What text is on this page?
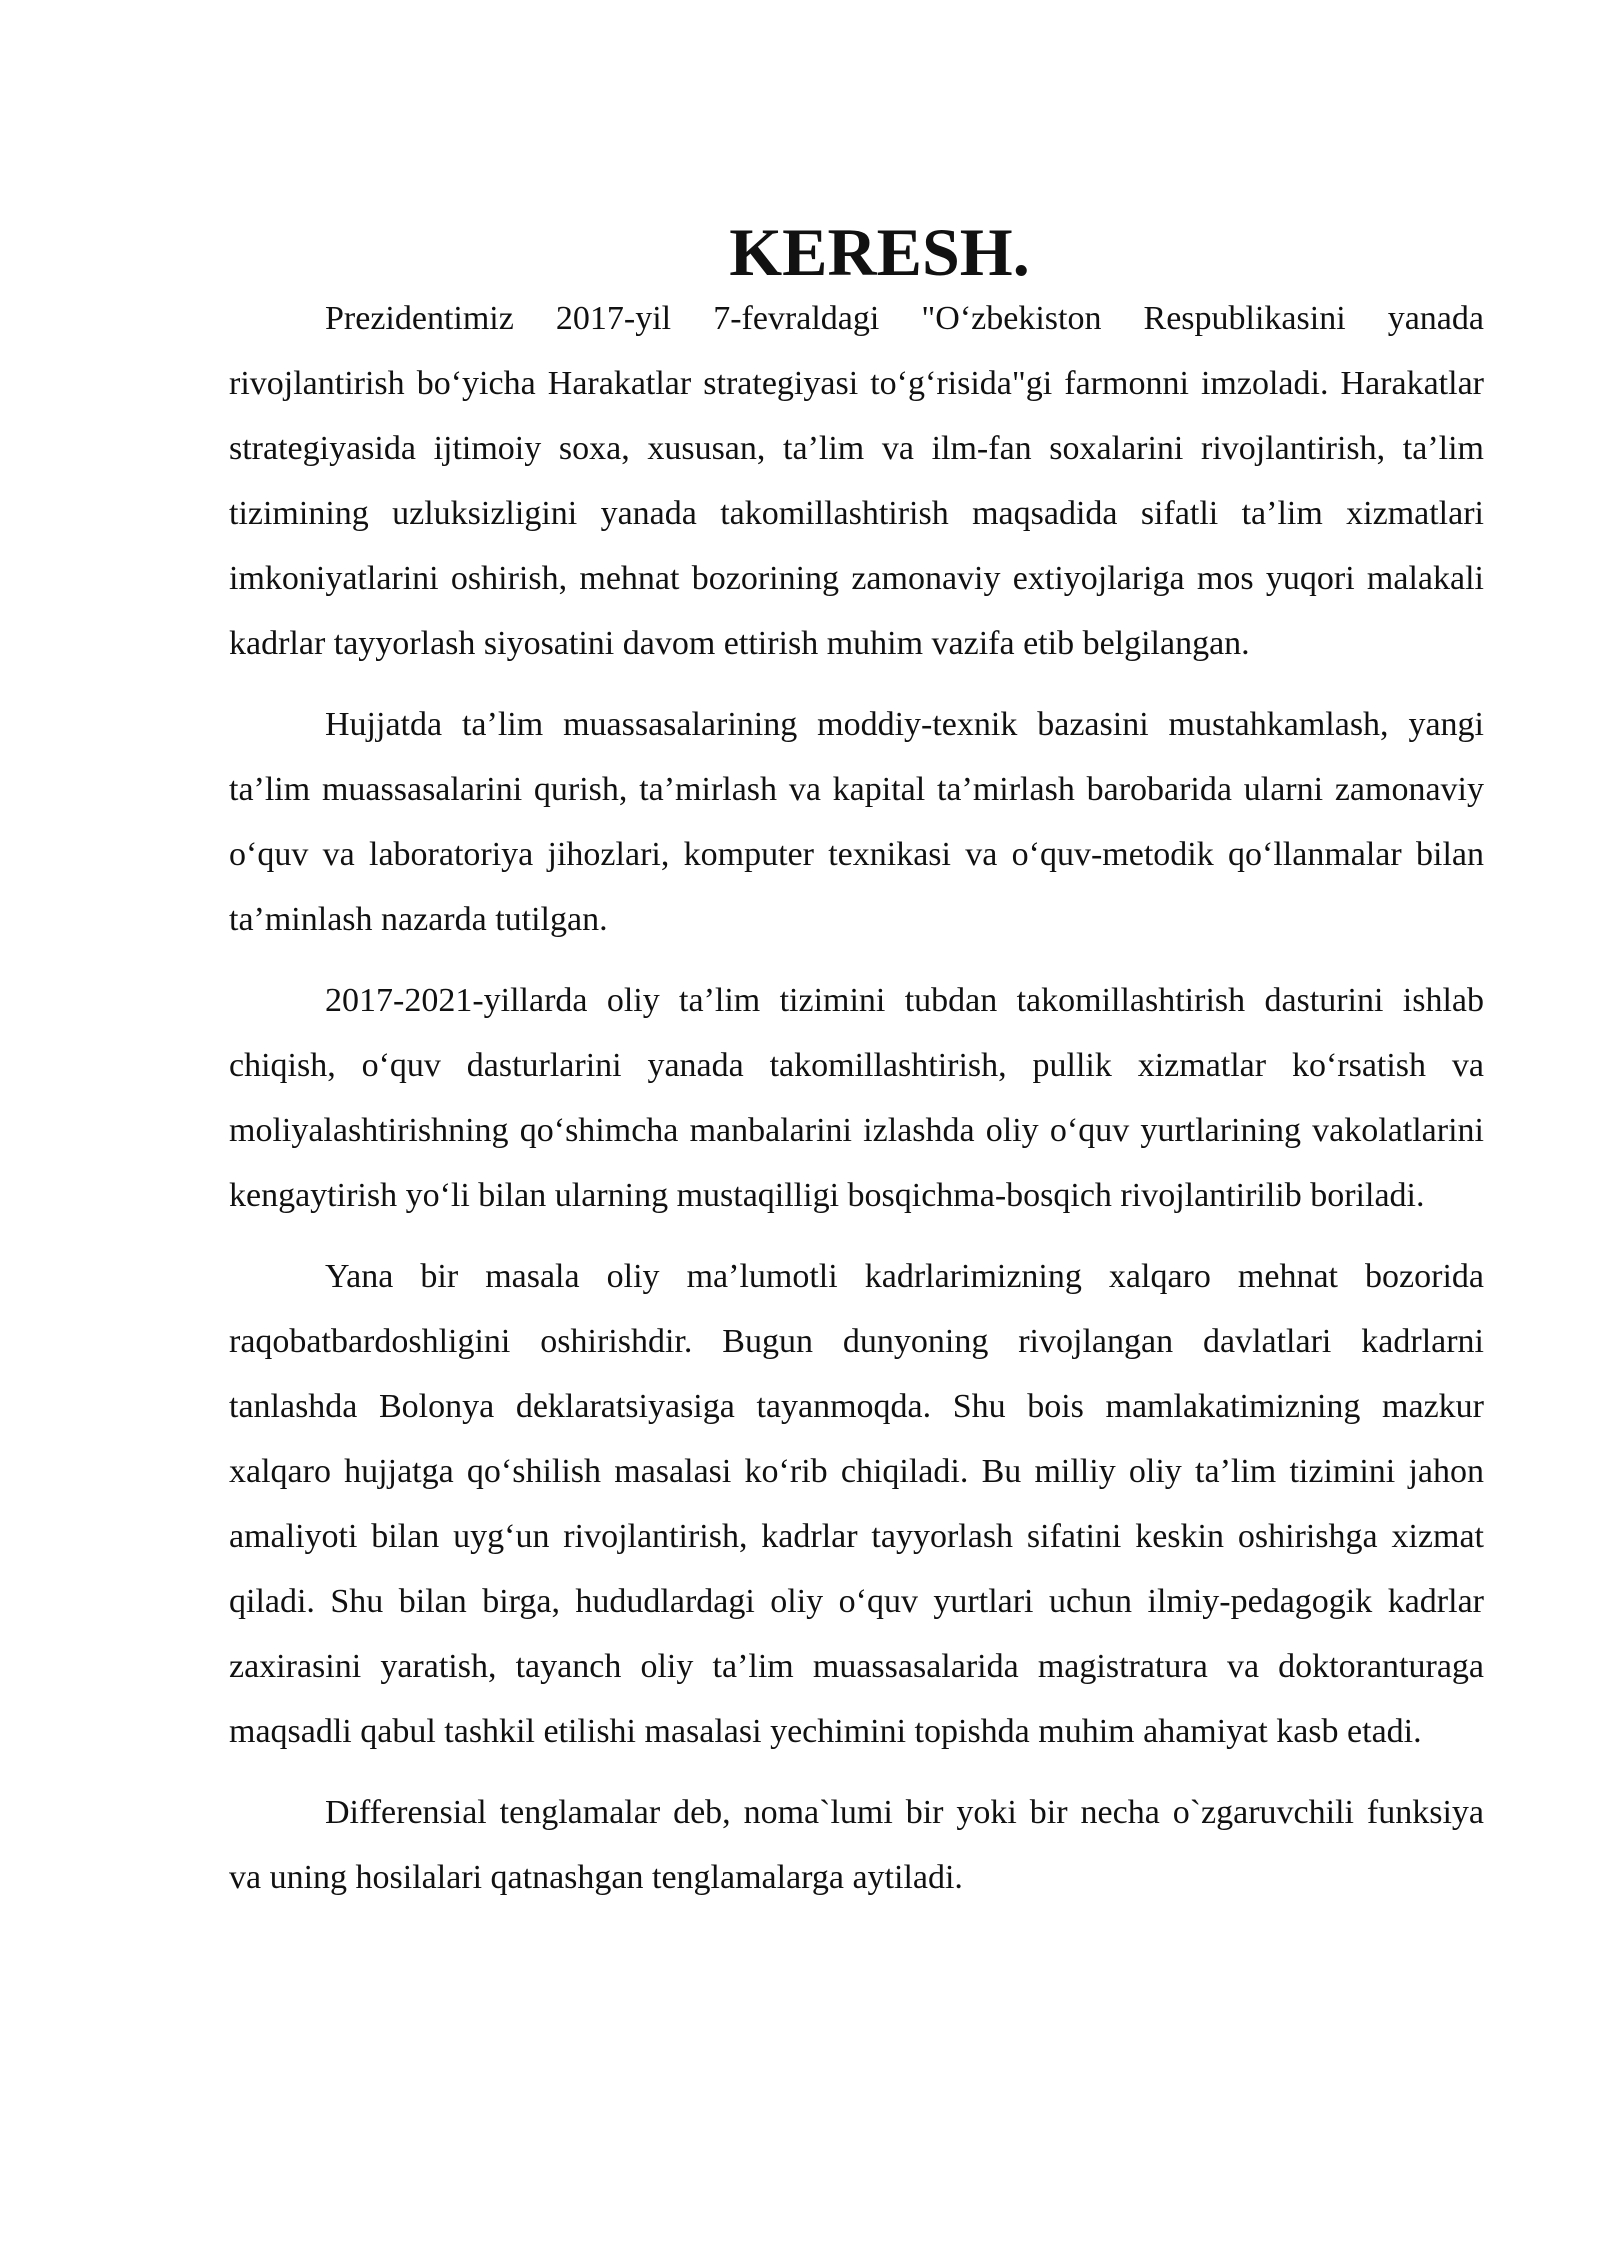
KERESH.

Prezidentimiz 2017-yil 7-fevraldagi "O‘zbekiston Respublikasini yanada rivojlantirish bo‘yicha Harakatlar strategiyasi to‘g‘risida"gi farmonni imzoladi. Harakatlar strategiyasida ijtimoiy soxa, xususan, ta’lim va ilm-fan soxalarini rivojlantirish, ta’lim tizimining uzluksizligini yanada takomillashtirish maqsadida sifatli ta’lim xizmatlari imkoniyatlarini oshirish, mehnat bozorining zamonaviy extiyojlariga mos yuqori malakali kadrlar tayyorlash siyosatini davom ettirish muhim vazifa etib belgilangan.

Hujjatda ta’lim muassasalarining moddiy-texnik bazasini mustahkamlash, yangi ta’lim muassasalarini qurish, ta’mirlash va kapital ta’mirlash barobarida ularni zamonaviy o‘quv va laboratoriya jihozlari, komputer texnikasi va o‘quv-metodik qo‘llanmalar bilan ta’minlash nazarda tutilgan.

2017-2021-yillarda oliy ta’lim tizimini tubdan takomillashtirish dasturini ishlab chiqish, o‘quv dasturlarini yanada takomillashtirish, pullik xizmatlar ko‘rsatish va moliyalashtirishning qo‘shimcha manbalarini izlashda oliy o‘quv yurtlarining vakolatlarini kengaytirish yo‘li bilan ularning mustaqilligi bosqichma-bosqich rivojlantirilib boriladi.

Yana bir masala oliy ma’lumotli kadrlarimizning xalqaro mehnat bozorida raqobatbardoshligini oshirishdir. Bugun dunyoning rivojlangan davlatlari kadrlarni tanlashda Bolonya deklaratsiyasiga tayanmoqda. Shu bois mamlakatimizning mazkur xalqaro hujjatga qo‘shilish masalasi ko‘rib chiqiladi. Bu milliy oliy ta’lim tizimini jahon amaliyoti bilan uyg‘un rivojlantirish, kadrlar tayyorlash sifatini keskin oshirishga xizmat qiladi. Shu bilan birga, hududlardagi oliy o‘quv yurtlari uchun ilmiy-pedagogik kadrlar zaxirasini yaratish, tayanch oliy ta’lim muassasalarida magistratura va doktoranturaga maqsadli qabul tashkil etilishi masalasi yechimini topishda muhim ahamiyat kasb etadi.

Differensial tenglamalar deb, noma`lumi bir yoki bir necha o`zgaruvchili funksiya va uning hosilalari qatnashgan tenglamalarga aytiladi.
